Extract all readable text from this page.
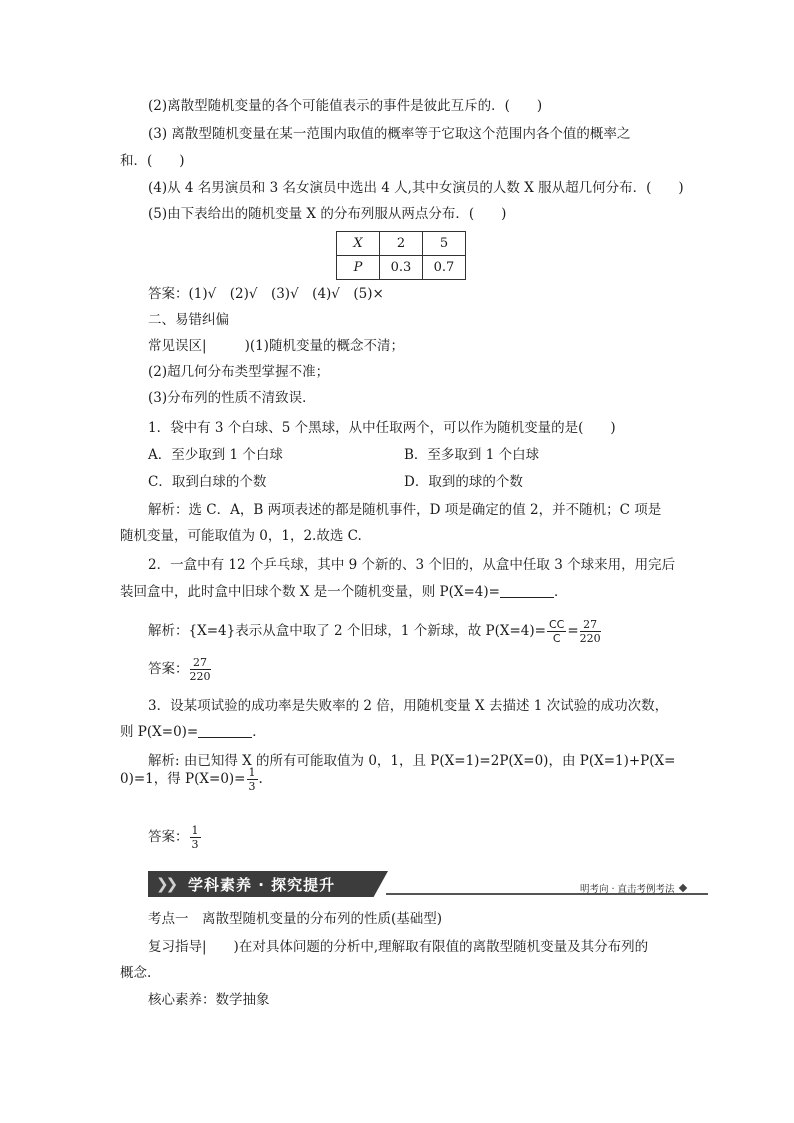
(2)离散型随机变量的各个可能值表示的事件是彼此互斥的．(　　)
(3) 离散型随机变量在某一范围内取值的概率等于它取这个范围内各个值的概率之
和．(　　)
(4)从 4 名男演员和 3 名女演员中选出 4 人,其中女演员的人数 X 服从超几何分布．(　　)
(5)由下表给出的随机变量 X 的分布列服从两点分布．(　　)
X	2	5
P	0.3	0.7
答案：(1)√　(2)√　(3)√　(4)√　(5)×
二、易错纠偏
常见误区|	)(1)随机变量的概念不清；
(2)超几何分布类型掌握不准；
(3)分布列的性质不清致误．
1．袋中有 3 个白球、5 个黑球，从中任取两个，可以作为随机变量的是(　　)
A．至少取到 1 个白球	B．至多取到 1 个白球
C．取到白球的个数	D．取到的球的个数
解析：选 C．A，B 两项表述的都是随机事件，D 项是确定的值 2，并不随机；C 项是
随机变量，可能取值为 0，1，2.故选 C.
2．一盒中有 12 个乒乓球，其中 9 个新的、3 个旧的，从盒中任取 3 个球来用，用完后
装回盒中，此时盒中旧球个数 X 是一个随机变量，则 P(X=4)=	．
解析：{X=4}表示从盒中取了 2 个旧球，1 个新球，故 $P(X=4)= \frac{CC}{C} = \frac{27}{220}$
答案： $\frac{27}{220}$
3．设某项试验的成功率是失败率的 2 倍，用随机变量 X 去描述 1 次试验的成功次数，
则 P(X=0)=	．
解析: 由已知得 X 的所有可能取值为 0，1，且 P(X=1)=2P(X=0)，由 P(X=1)+P(X=
0)=1，得 $P(X=0)= \frac{1}{3}$ .
答案： $\frac{1}{3}$
❯❯ 学科素养 · 探究提升	明考向 · 直击考例考法
考点一　离散型随机变量的分布列的性质(基础型)
复习指导|　　)在对具体问题的分析中,理解取有限值的离散型随机变量及其分布列的
概念.
核心素养：数学抽象
